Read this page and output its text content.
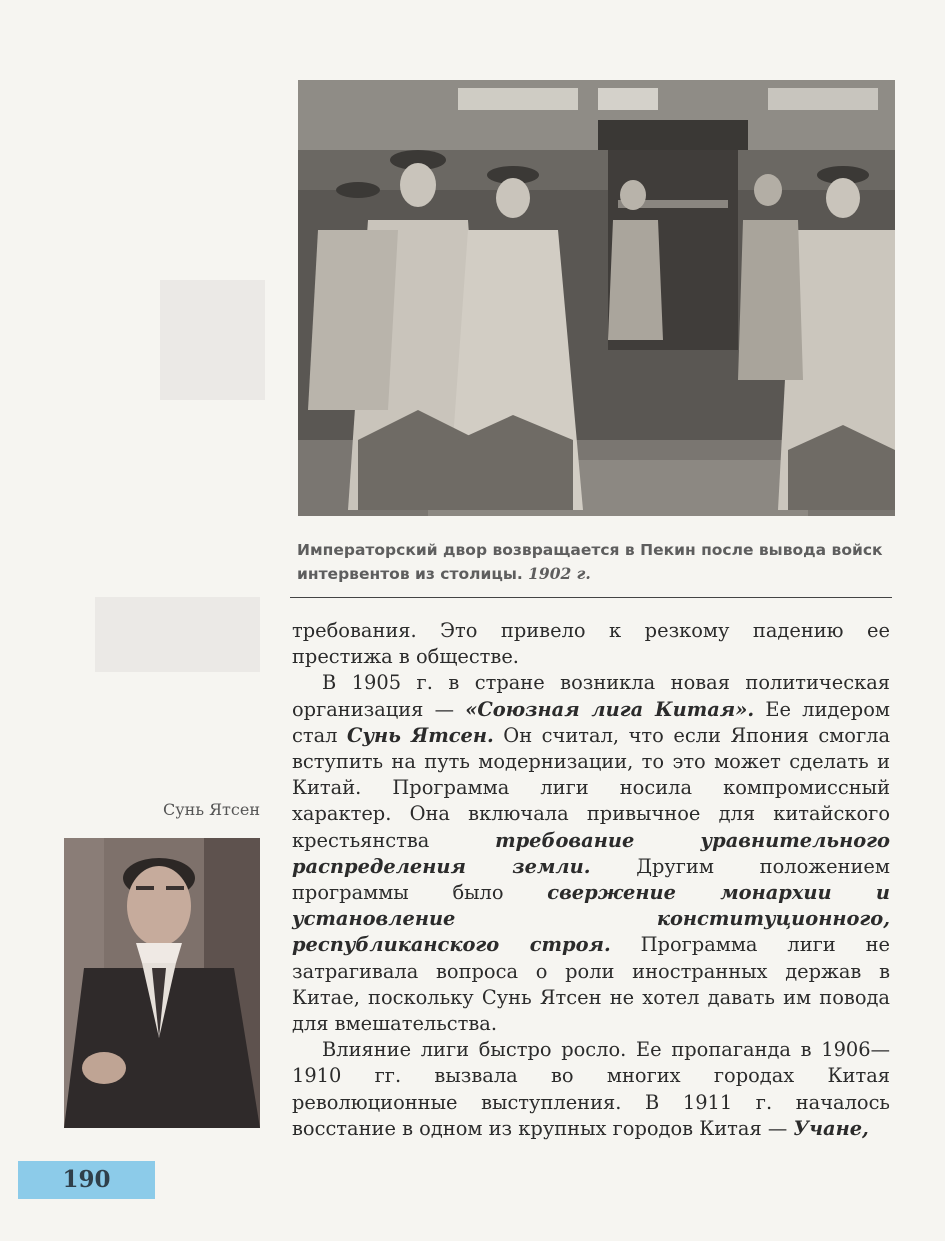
Императорский двор возвращается в Пекин после вывода войск интервентов из столицы. 1902 г.
Сунь Ятсен

требования. Это привело к резкому падению ее престижа в обществе.

В 1905 г. в стране возникла новая политическая организация — «Союзная лига Китая». Ее лидером стал Сунь Ятсен. Он считал, что если Япония смогла вступить на путь модернизации, то это может сделать и Китай. Программа лиги носила компромиссный характер. Она включала привычное для китайского крестьянства требование уравнительного распределения земли. Другим положением программы было свержение монархии и установление конституционного, республиканского строя. Программа лиги не затрагивала вопроса о роли иностранных держав в Китае, поскольку Сунь Ятсен не хотел давать им повода для вмешательства.

Влияние лиги быстро росло. Ее пропаганда в 1906—1910 гг. вызвала во многих городах Китая революционные выступления. В 1911 г. началось восстание в одном из крупных городов Китая — Учане,

190
